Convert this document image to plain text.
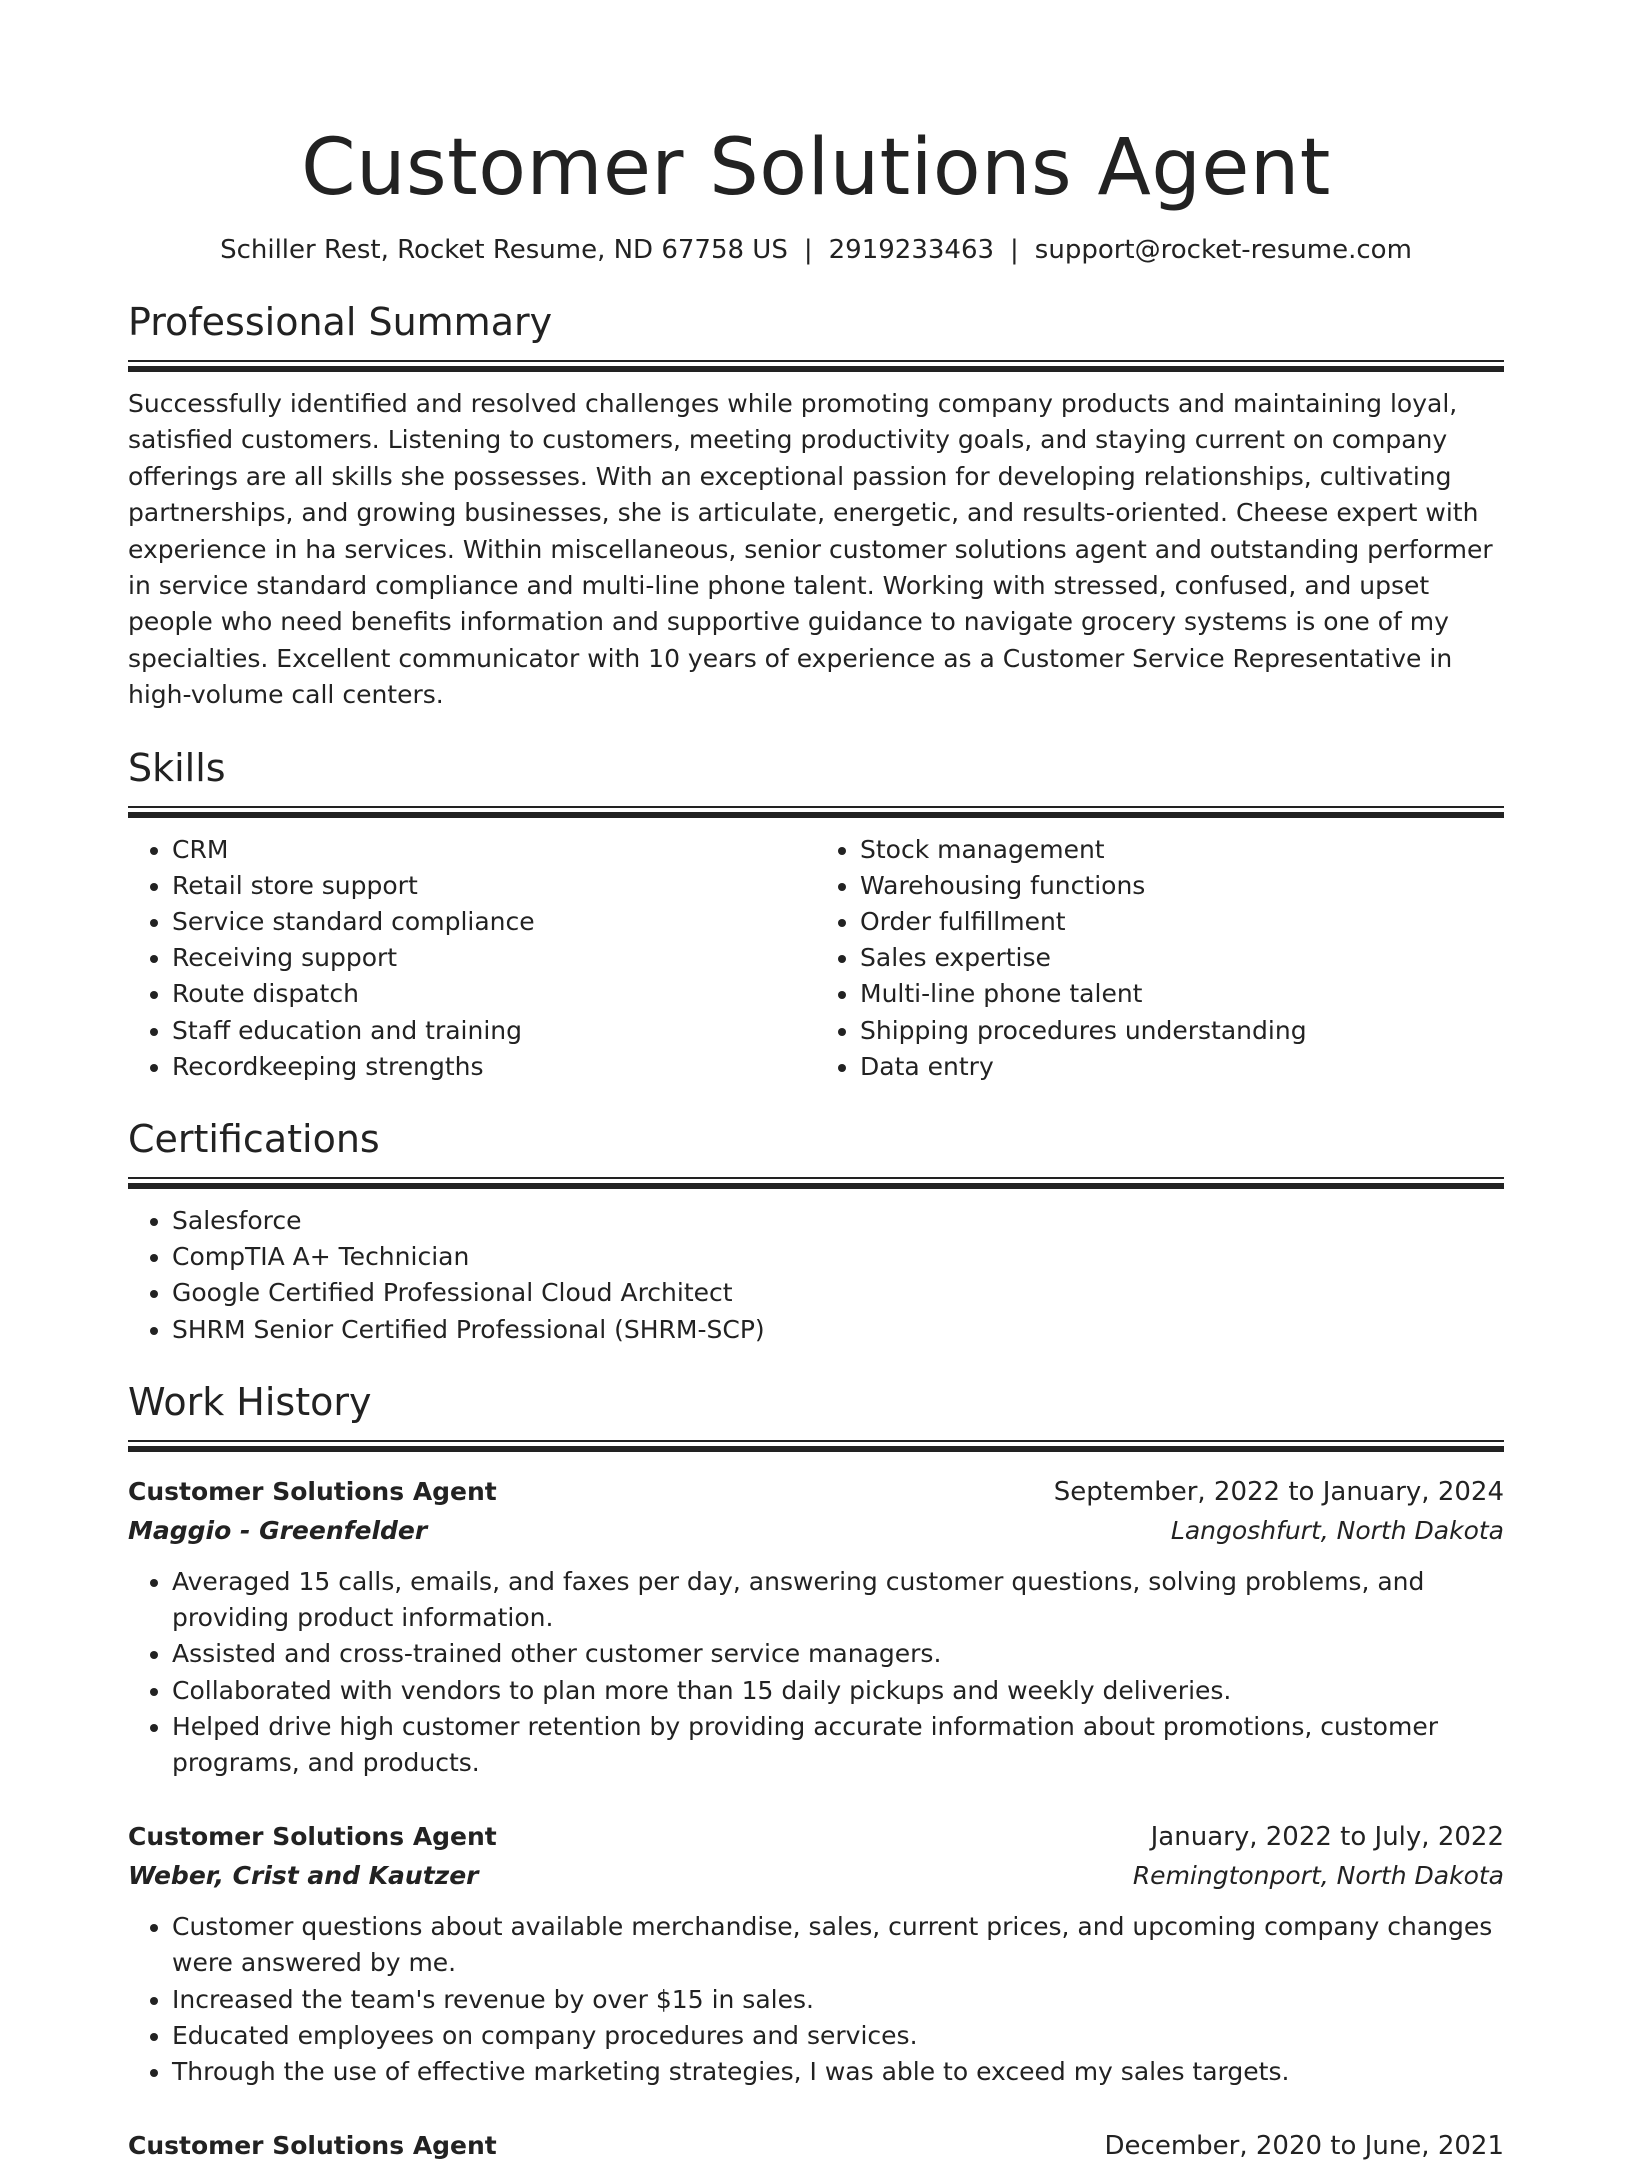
Customer Solutions Agent
Schiller Rest, Rocket Resume, ND 67758 US | 2919233463 | support@rocket-resume.com
Professional Summary

Successfully identified and resolved challenges while promoting company products and maintaining loyal, satisfied customers. Listening to customers, meeting productivity goals, and staying current on company offerings are all skills she possesses. With an exceptional passion for developing relationships, cultivating partnerships, and growing businesses, she is articulate, energetic, and results-oriented. Cheese expert with experience in ha services. Within miscellaneous, senior customer solutions agent and outstanding performer in service standard compliance and multi-line phone talent. Working with stressed, confused, and upset people who need benefits information and supportive guidance to navigate grocery systems is one of my specialties. Excellent communicator with 10 years of experience as a Customer Service Representative in high-volume call centers.

Skills
• CRM
• Retail store support
• Service standard compliance
• Receiving support
• Route dispatch
• Staff education and training
• Recordkeeping strengths
• Stock management
• Warehousing functions
• Order fulfillment
• Sales expertise
• Multi-line phone talent
• Shipping procedures understanding
• Data entry
Certifications
• Salesforce
• CompTIA A+ Technician
• Google Certified Professional Cloud Architect
• SHRM Senior Certified Professional (SHRM-SCP)
Work History
Customer Solutions Agent	September, 2022 to January, 2024
Maggio - Greenfelder	Langoshfurt, North Dakota
• Averaged 15 calls, emails, and faxes per day, answering customer questions, solving problems, and providing product information.
• Assisted and cross-trained other customer service managers.
• Collaborated with vendors to plan more than 15 daily pickups and weekly deliveries.
• Helped drive high customer retention by providing accurate information about promotions, customer programs, and products.
Customer Solutions Agent	January, 2022 to July, 2022
Weber, Crist and Kautzer	Remingtonport, North Dakota
• Customer questions about available merchandise, sales, current prices, and upcoming company changes were answered by me.
• Increased the team's revenue by over $15 in sales.
• Educated employees on company procedures and services.
• Through the use of effective marketing strategies, I was able to exceed my sales targets.
Customer Solutions Agent	December, 2020 to June, 2021
